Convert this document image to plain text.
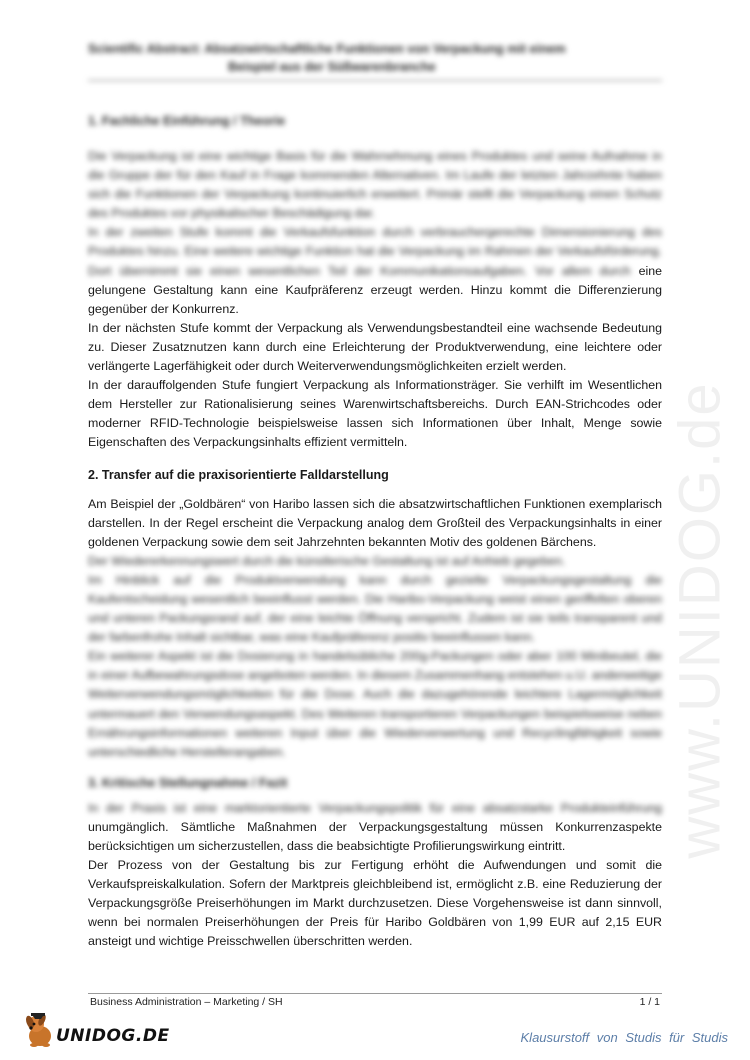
www.UNIDOG.de
Scientific Abstract: Absatzwirtschaftliche Funktionen von Verpackung mit einem
Beispiel aus der Süßwarenbranche
1. Fachliche Einführung / Theorie

Die Verpackung ist eine wichtige Basis für die Wahrnehmung eines Produktes und seine Aufnahme in die Gruppe der für den Kauf in Frage kommenden Alternativen. Im Laufe der letzten Jahrzehnte haben sich die Funktionen der Verpackung kontinuierlich erweitert. Primär stellt die Verpackung einen Schutz des Produktes vor physikalischer Beschädigung dar.

In der zweiten Stufe kommt die Verkaufsfunktion durch verbrauchergerechte Dimensionierung des Produktes hinzu. Eine weitere wichtige Funktion hat die Verpackung im Rahmen der Verkaufsförderung. Dort übernimmt sie einen wesentlichen Teil der Kommunikationsaufgaben. Vor allem durch eine gelungene Gestaltung kann eine Kaufpräferenz erzeugt werden. Hinzu kommt die Differenzierung gegenüber der Konkurrenz.

In der nächsten Stufe kommt der Verpackung als Verwendungsbestandteil eine wachsende Bedeutung zu. Dieser Zusatznutzen kann durch eine Erleichterung der Produktverwendung, eine leichtere oder verlängerte Lagerfähigkeit oder durch Weiterverwendungsmöglichkeiten erzielt werden.

In der darauffolgenden Stufe fungiert Verpackung als Informationsträger. Sie verhilft im Wesentlichen dem Hersteller zur Rationalisierung seines Warenwirtschaftsbereichs. Durch EAN-Strichcodes oder moderner RFID-Technologie beispielsweise lassen sich Informationen über Inhalt, Menge sowie Eigenschaften des Verpackungsinhalts effizient vermitteln.

2. Transfer auf die praxisorientierte Falldarstellung

Am Beispiel der „Goldbären“ von Haribo lassen sich die absatzwirtschaftlichen Funktionen exemplarisch darstellen. In der Regel erscheint die Verpackung analog dem Großteil des Verpackungsinhalts in einer goldenen Verpackung sowie dem seit Jahrzehnten bekannten Motiv des goldenen Bärchens.

Der Wiedererkennungswert durch die künstlerische Gestaltung ist auf Anhieb gegeben.

Im Hinblick auf die Produktverwendung kann durch gezielte Verpackungsgestaltung die Kaufentscheidung wesentlich beeinflusst werden. Die Haribo-Verpackung weist einen geriffelten oberen und unteren Packungsrand auf, der eine leichte Öffnung verspricht. Zudem ist sie teils transparent und der farbenfrohe Inhalt sichtbar, was eine Kaufpräferenz positiv beeinflussen kann.

Ein weiterer Aspekt ist die Dosierung in handelsübliche 200g-Packungen oder aber 100 Minibeutel, die in einer Aufbewahrungsdose angeboten werden. In diesem Zusammenhang entstehen u.U. anderweitige Weiterverwendungsmöglichkeiten für die Dose. Auch die dazugehörende leichtere Lagermöglichkeit untermauert den Verwendungsaspekt. Des Weiteren transportieren Verpackungen beispielsweise neben Ernährungsinformationen weiteren Input über die Wiederverwertung und Recyclingfähigkeit sowie unterschiedliche Herstellerangaben.

3. Kritische Stellungnahme / Fazit

In der Praxis ist eine marktorientierte Verpackungspolitik für eine absatzstarke Produkteinführung unumgänglich. Sämtliche Maßnahmen der Verpackungsgestaltung müssen Konkurrenzaspekte berücksichtigen um sicherzustellen, dass die beabsichtigte Profilierungswirkung eintritt.

Der Prozess von der Gestaltung bis zur Fertigung erhöht die Aufwendungen und somit die Verkaufspreiskalkulation. Sofern der Marktpreis gleichbleibend ist, ermöglicht z.B. eine Reduzierung der Verpackungsgröße Preiserhöhungen im Markt durchzusetzen. Diese Vorgehensweise ist dann sinnvoll, wenn bei normalen Preiserhöhungen der Preis für Haribo Goldbären von 1,99 EUR auf 2,15 EUR ansteigt und wichtige Preisschwellen überschritten werden.

Business Administration – Marketing / SH	1 / 1
UNIDOG.DE	Klausurstoff von Studis für Studis
